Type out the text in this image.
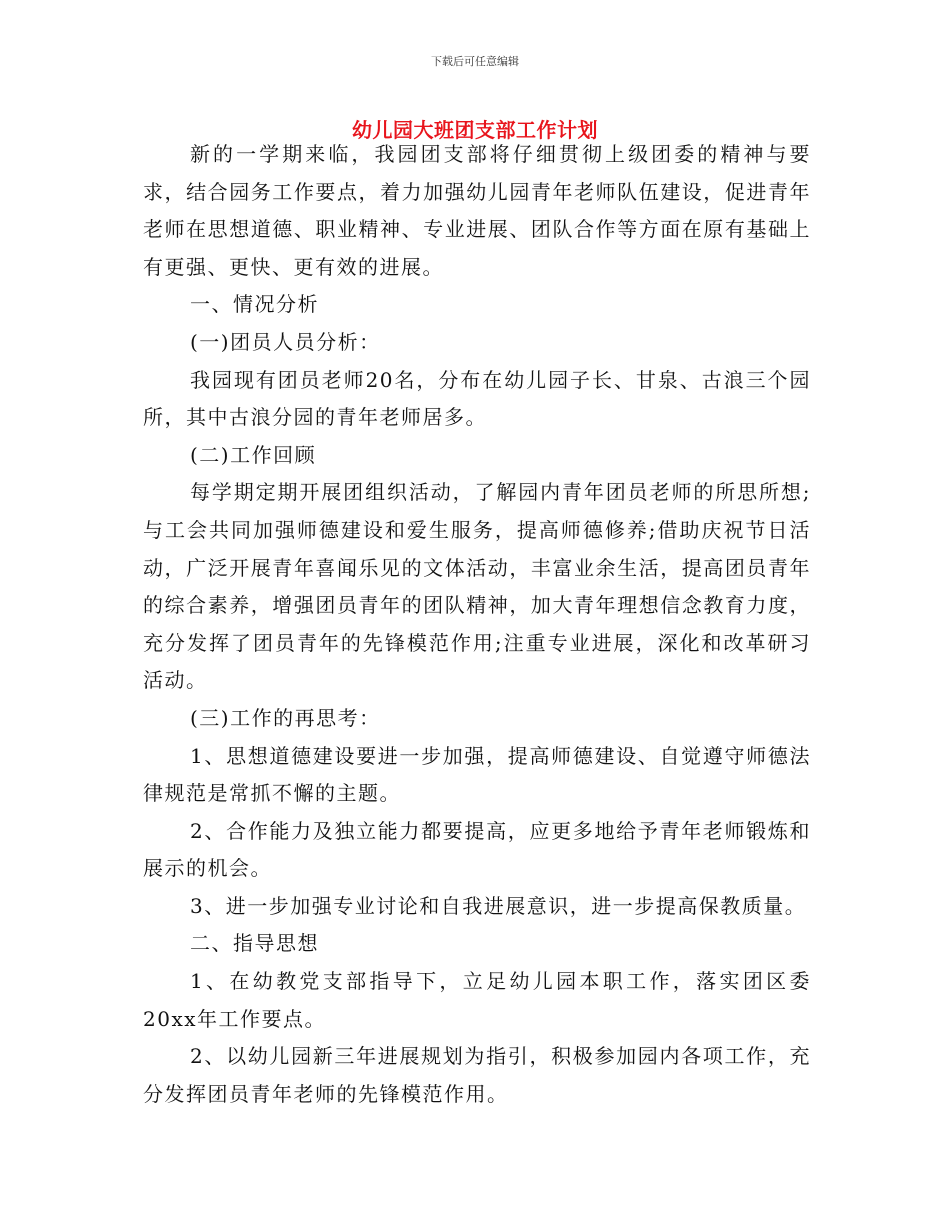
下载后可任意编辑
幼儿园大班团支部工作计划

新的一学期来临，我园团支部将仔细贯彻上级团委的精神与要求，结合园务工作要点，着力加强幼儿园青年老师队伍建设，促进青年老师在思想道德、职业精神、专业进展、团队合作等方面在原有基础上有更强、更快、更有效的进展。

一、情况分析

(一)团员人员分析：

我园现有团员老师20名，分布在幼儿园子长、甘泉、古浪三个园所，其中古浪分园的青年老师居多。

(二)工作回顾

每学期定期开展团组织活动，了解园内青年团员老师的所思所想;与工会共同加强师德建设和爱生服务，提高师德修养;借助庆祝节日活动，广泛开展青年喜闻乐见的文体活动，丰富业余生活，提高团员青年的综合素养，增强团员青年的团队精神，加大青年理想信念教育力度，充分发挥了团员青年的先锋模范作用;注重专业进展，深化和改革研习活动。

(三)工作的再思考：

1、思想道德建设要进一步加强，提高师德建设、自觉遵守师德法律规范是常抓不懈的主题。

2、合作能力及独立能力都要提高，应更多地给予青年老师锻炼和展示的机会。

3、进一步加强专业讨论和自我进展意识，进一步提高保教质量。

二、指导思想

1、在幼教党支部指导下，立足幼儿园本职工作，落实团区委20xx年工作要点。

2、以幼儿园新三年进展规划为指引，积极参加园内各项工作，充分发挥团员青年老师的先锋模范作用。
